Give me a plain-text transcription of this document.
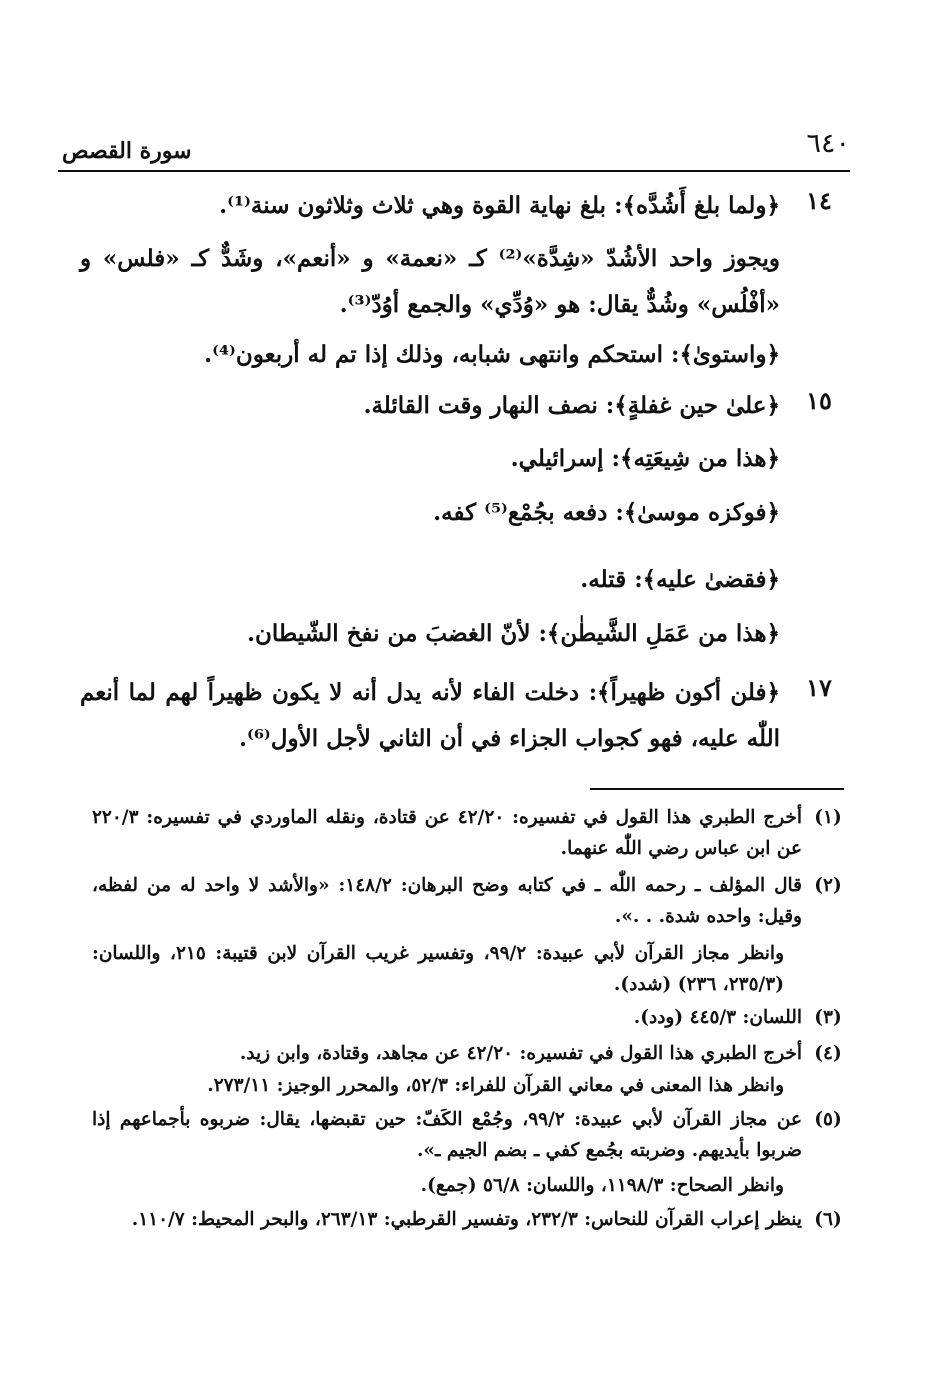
٦٤٠
سورة القصص
١٤
١٥
١٧
﴿ولما بلغ أَشُدَّه﴾: بلغ نهاية القوة وهي ثلاث وثلاثون سنة⁽¹⁾.
ويجوز واحد الأشُدّ «شِدَّة»⁽²⁾ كـ «نعمة» و «أنعم»، وشَدٌّ كـ «فلس» و «أفْلُس» وشُدٌّ يقال: هو «وُدِّي» والجمع أوُدّ⁽³⁾.
﴿واستوىٰ﴾: استحكم وانتهى شبابه، وذلك إذا تم له أربعون⁽⁴⁾.
﴿علىٰ حين غفلةٍ﴾: نصف النهار وقت القائلة.
﴿هذا من شِيعَتِه﴾: إسرائيلي.
﴿فوكزه موسىٰ﴾: دفعه بجُمْع⁽⁵⁾ كفه.
﴿فقضىٰ عليه﴾: قتله.
﴿هذا من عَمَلِ الشَّيطٰن﴾: لأنّ الغضبَ من نفخ الشّيطان.
﴿فلن أكون ظهيراً﴾: دخلت الفاء لأنه يدل أنه لا يكون ظهيراً لهم لما أنعم اللّٰه عليه، فهو كجواب الجزاء في أن الثاني لأجل الأول⁽⁶⁾.
(١)
أخرج الطبري هذا القول في تفسيره: ٤٢/٢٠ عن قتادة، ونقله الماوردي في تفسيره: ٢٢٠/٣ عن ابن عباس رضي اللّٰه عنهما.
(٢)
قال المؤلف ـ رحمه اللّٰه ـ في كتابه وضح البرهان: ١٤٨/٢: «والأشد لا واحد له من لفظه، وقيل: واحده شدة. . .».
وانظر مجاز القرآن لأبي عبيدة: ٩٩/٢، وتفسير غريب القرآن لابن قتيبة: ٢١٥، واللسان: (٢٣٥/٣، ٢٣٦) (شدد).
(٣)
اللسان: ٤٤٥/٣ (ودد).
(٤)
أخرج الطبري هذا القول في تفسيره: ٤٢/٢٠ عن مجاهد، وقتادة، وابن زيد.
وانظر هذا المعنى في معاني القرآن للفراء: ٥٢/٣، والمحرر الوجيز: ٢٧٣/١١.
(٥)
عن مجاز القرآن لأبي عبيدة: ٩٩/٢، وجُمْع الكَفّ: حين تقبضها، يقال: ضربوه بأجماعهم إذا ضربوا بأيديهم. وضربته بجُمع كفي ـ بضم الجيم ـ».
وانظر الصحاح: ١١٩٨/٣، واللسان: ٥٦/٨ (جمع).
(٦)
ينظر إعراب القرآن للنحاس: ٢٣٢/٣، وتفسير القرطبي: ٢٦٣/١٣، والبحر المحيط: ١١٠/٧.
